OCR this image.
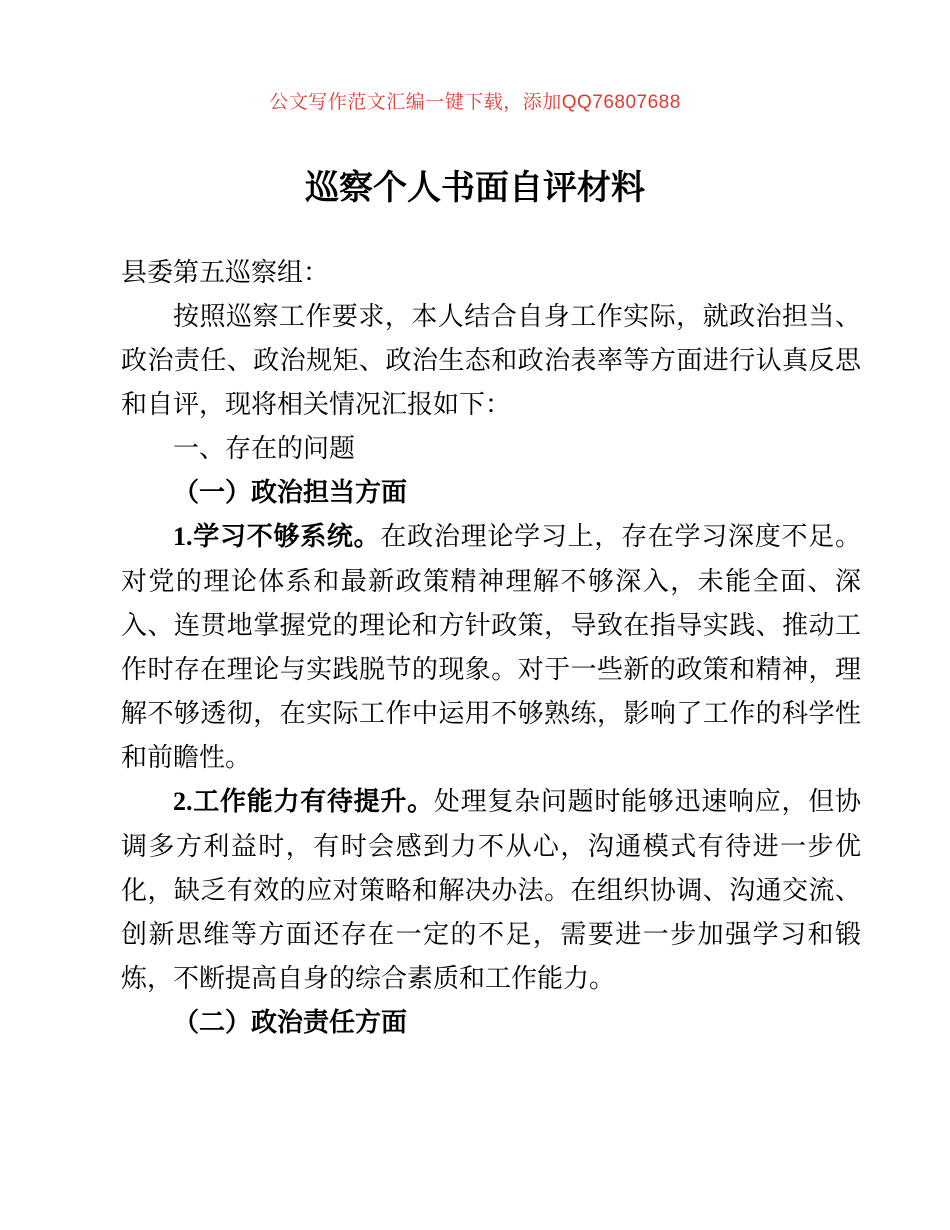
公文写作范文汇编一键下载，添加QQ76807688
巡察个人书面自评材料

县委第五巡察组：

按照巡察工作要求，本人结合自身工作实际，就政治担当、政治责任、政治规矩、政治生态和政治表率等方面进行认真反思和自评，现将相关情况汇报如下：

一、存在的问题

（一）政治担当方面

1.学习不够系统。在政治理论学习上，存在学习深度不足。对党的理论体系和最新政策精神理解不够深入，未能全面、深入、连贯地掌握党的理论和方针政策，导致在指导实践、推动工作时存在理论与实践脱节的现象。对于一些新的政策和精神，理解不够透彻，在实际工作中运用不够熟练，影响了工作的科学性和前瞻性。

2.工作能力有待提升。处理复杂问题时能够迅速响应，但协调多方利益时，有时会感到力不从心，沟通模式有待进一步优化，缺乏有效的应对策略和解决办法。在组织协调、沟通交流、创新思维等方面还存在一定的不足，需要进一步加强学习和锻炼，不断提高自身的综合素质和工作能力。

（二）政治责任方面
